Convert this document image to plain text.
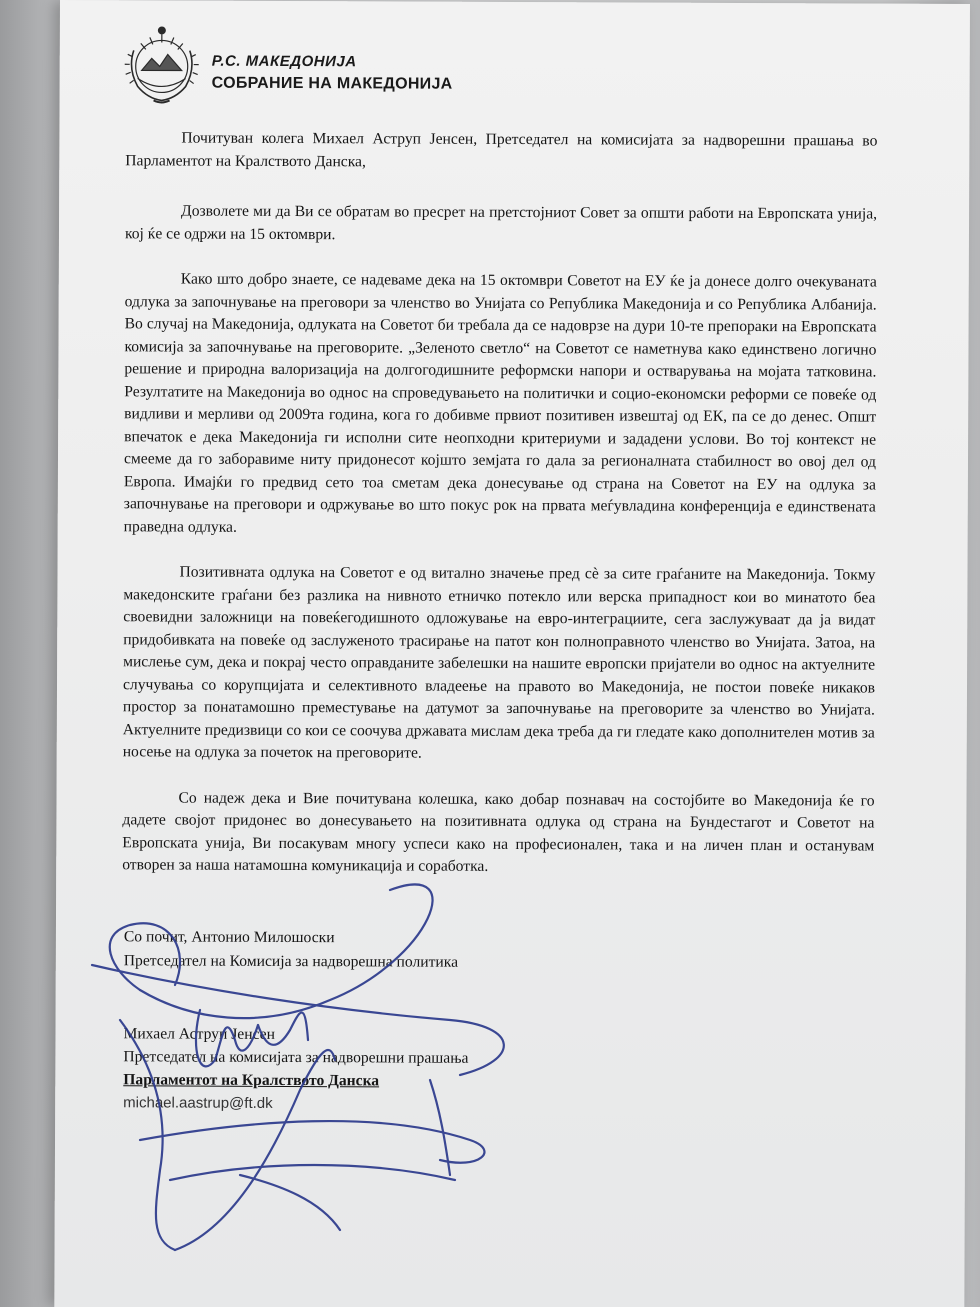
Р.С. МАКЕДОНИЈА
СОБРАНИЕ НА МАКЕДОНИЈА

Почитуван колега Михаел Аструп Јенсен, Претседател на комисијата за надворешни прашања во Парламентот на Кралството Данска,

Дозволете ми да Ви се обратам во пресрет на претстојниот Совет за општи работи на Европската унија, кој ќе се одржи на 15 октомври.

Како што добро знаете, се надеваме дека на 15 октомври Советот на ЕУ ќе ја донесе долго очекуваната одлука за започнување на преговори за членство во Унијата со Република Македонија и со Република Албанија. Во случај на Македонија, одлуката на Советот би требала да се надоврзе на дури 10-те препораки на Европската комисија за започнување на преговорите. „Зеленото светло“ на Советот се наметнува како единствено логично решение и природна валоризација на долгогодишните реформски напори и остварувања на мојата татковина. Резултатите на Македонија во однос на спроведувањето на политички и социо-економски реформи се повеќе од видливи и мерливи од 2009та година, кога го добивме првиот позитивен извештај од ЕК, па се до денес. Општ впечаток е дека Македонија ги исполни сите неопходни критериуми и зададени услови. Во тој контекст не смееме да го заборавиме ниту придонесот којшто земјата го дала за регионалната стабилност во овој дел од Европа. Имајќи го предвид сето тоа сметам дека донесување од страна на Советот на ЕУ на одлука за започнување на преговори и одржување во што покус рок на првата меѓувладина конференција е единствената праведна одлука.

Позитивната одлука на Советот е од витално значење пред сè за сите граѓаните на Македонија. Токму македонските граѓани без разлика на нивното етничко потекло или верска припадност кои во минатото беа своевидни заложници на повеќегодишното одложување на евро-интеграциите, сега заслужуваат да ја видат придобивката на повеќе од заслуженото трасирање на патот кон полноправното членство во Унијата. Затоа, на мислење сум, дека и покрај често оправданите забелешки на нашите европски пријатели во однос на актуелните случувања со корупцијата и селективното владеење на правото во Македонија, не постои повеќе никаков простор за понатамошно преместување на датумот за започнување на преговорите за членство во Унијата. Актуелните предизвици со кои се соочува државата мислам дека треба да ги гледате како дополнителен мотив за носење на одлука за почеток на преговорите.

Со надеж дека и Вие почитувана колешка, како добар познавач на состојбите во Македонија ќе го дадете својот придонес во донесувањето на позитивната одлука од страна на Бундестагот и Советот на Европската унија, Ви посакувам многу успеси како на професионален, така и на личен план и останувам отворен за наша натамошна комуникација и соработка.

Со почит, Антонио Милошоски
Претседател на Комисија за надворешна политика
Михаел Аструп Јенсен
Претседател на комисијата за надворешни прашања
Парламентот на Кралството Данска
michael.aastrup@ft.dk
